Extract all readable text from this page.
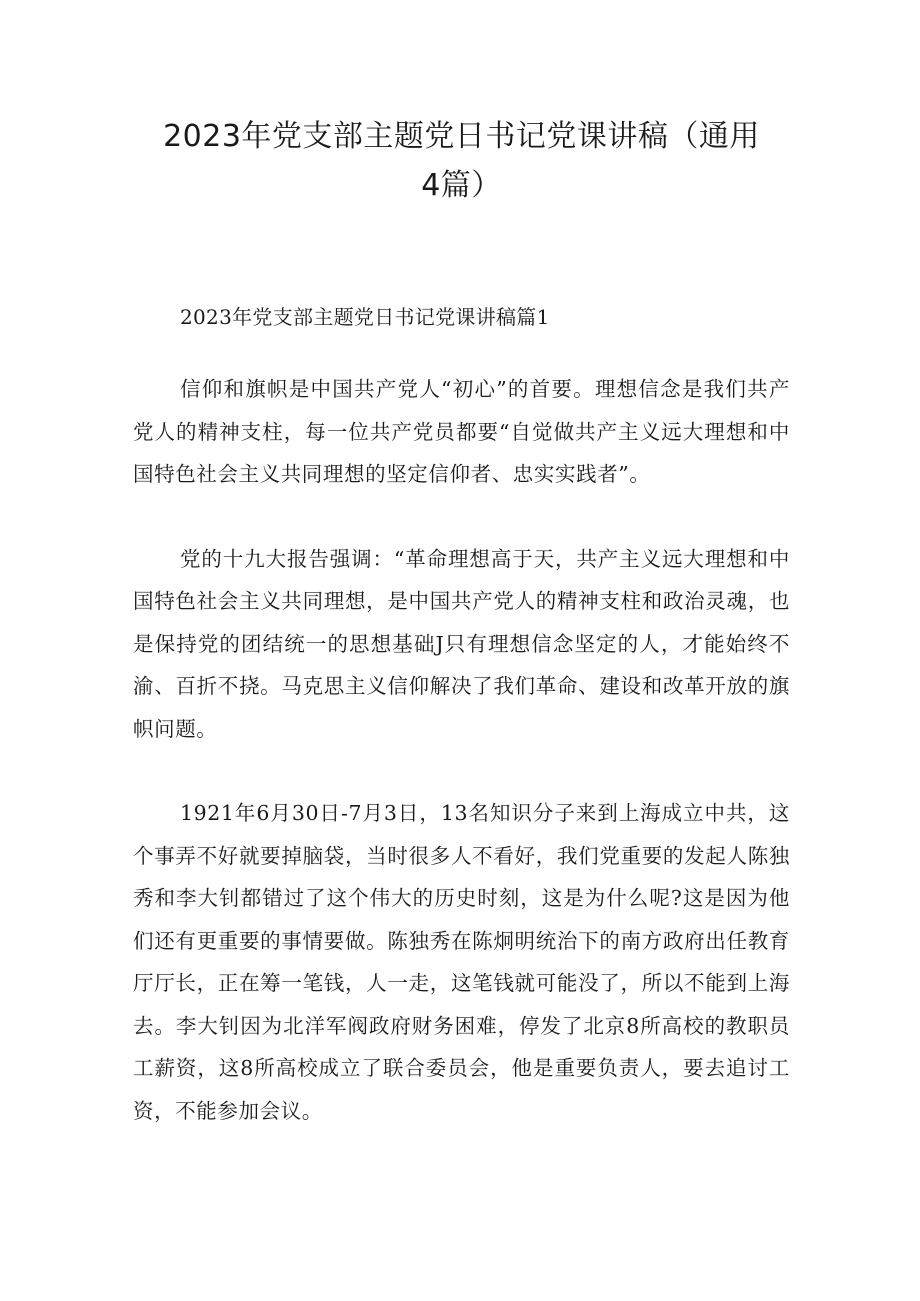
2023年党支部主题党日书记党课讲稿（通用
4篇）

2023年党支部主题党日书记党课讲稿篇1

信仰和旗帜是中国共产党人“初心”的首要。理想信念是我们共产党人的精神支柱，每一位共产党员都要“自觉做共产主义远大理想和中国特色社会主义共同理想的坚定信仰者、忠实实践者”。

党的十九大报告强调：“革命理想高于天，共产主义远大理想和中国特色社会主义共同理想，是中国共产党人的精神支柱和政治灵魂，也是保持党的团结统一的思想基础J只有理想信念坚定的人，才能始终不渝、百折不挠。马克思主义信仰解决了我们革命、建设和改革开放的旗帜问题。

1921年6月30日-7月3日，13名知识分子来到上海成立中共，这个事弄不好就要掉脑袋，当时很多人不看好，我们党重要的发起人陈独秀和李大钊都错过了这个伟大的历史时刻，这是为什么呢?这是因为他们还有更重要的事情要做。陈独秀在陈炯明统治下的南方政府出任教育厅厅长，正在筹一笔钱，人一走，这笔钱就可能没了，所以不能到上海去。李大钊因为北洋军阀政府财务困难，停发了北京8所高校的教职员工薪资，这8所高校成立了联合委员会，他是重要负责人，要去追讨工资，不能参加会议。
